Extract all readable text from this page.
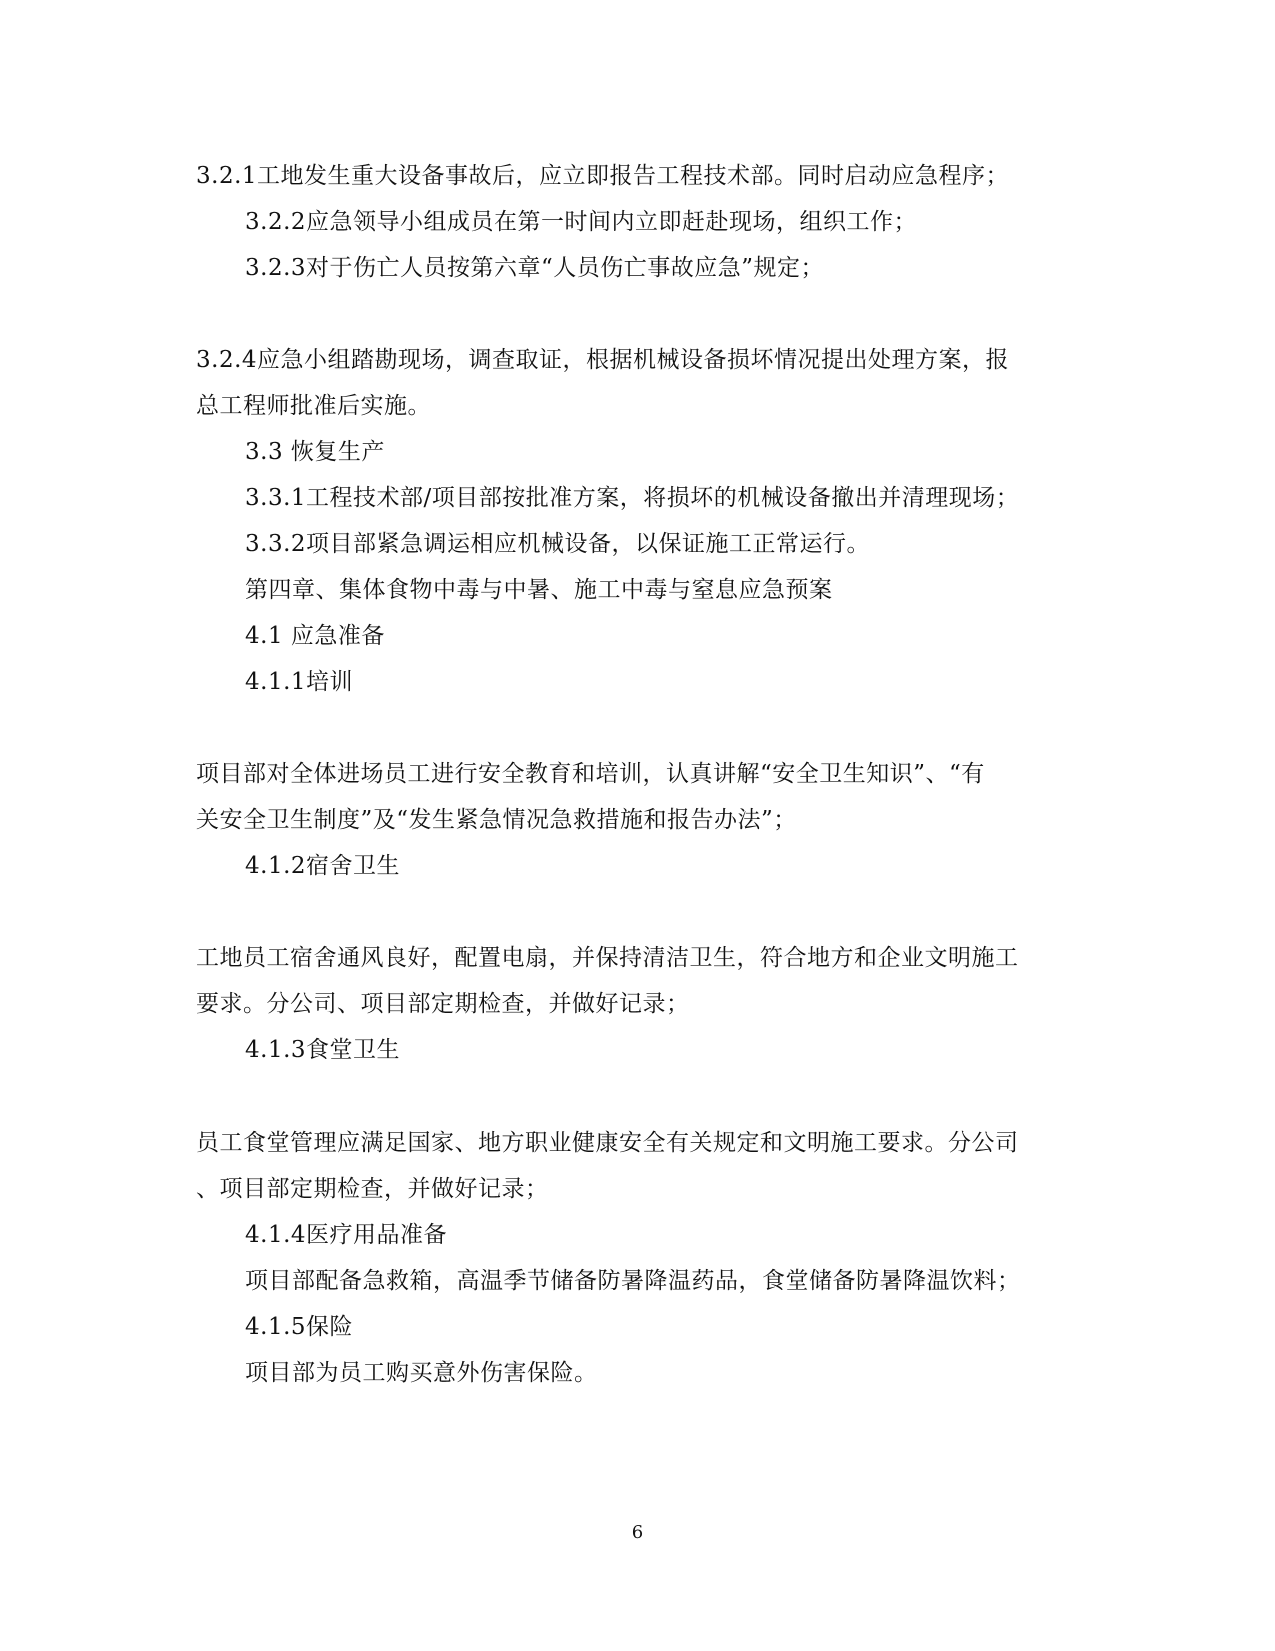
3.2.1工地发生重大设备事故后，应立即报告工程技术部。同时启动应急程序；
3.2.2应急领导小组成员在第一时间内立即赶赴现场，组织工作；
3.2.3对于伤亡人员按第六章“人员伤亡事故应急”规定；
3.2.4应急小组踏勘现场，调查取证，根据机械设备损坏情况提出处理方案，报
总工程师批准后实施。
3.3 恢复生产
3.3.1工程技术部/项目部按批准方案，将损坏的机械设备撤出并清理现场；
3.3.2项目部紧急调运相应机械设备，以保证施工正常运行。
第四章、集体食物中毒与中暑、施工中毒与窒息应急预案
4.1 应急准备
4.1.1培训
项目部对全体进场员工进行安全教育和培训，认真讲解“安全卫生知识”、“有
关安全卫生制度”及“发生紧急情况急救措施和报告办法”；
4.1.2宿舍卫生
工地员工宿舍通风良好，配置电扇，并保持清洁卫生，符合地方和企业文明施工
要求。分公司、项目部定期检查，并做好记录；
4.1.3食堂卫生
员工食堂管理应满足国家、地方职业健康安全有关规定和文明施工要求。分公司
、项目部定期检查，并做好记录；
4.1.4医疗用品准备
项目部配备急救箱，高温季节储备防暑降温药品，食堂储备防暑降温饮料；
4.1.5保险
项目部为员工购买意外伤害保险。
6
